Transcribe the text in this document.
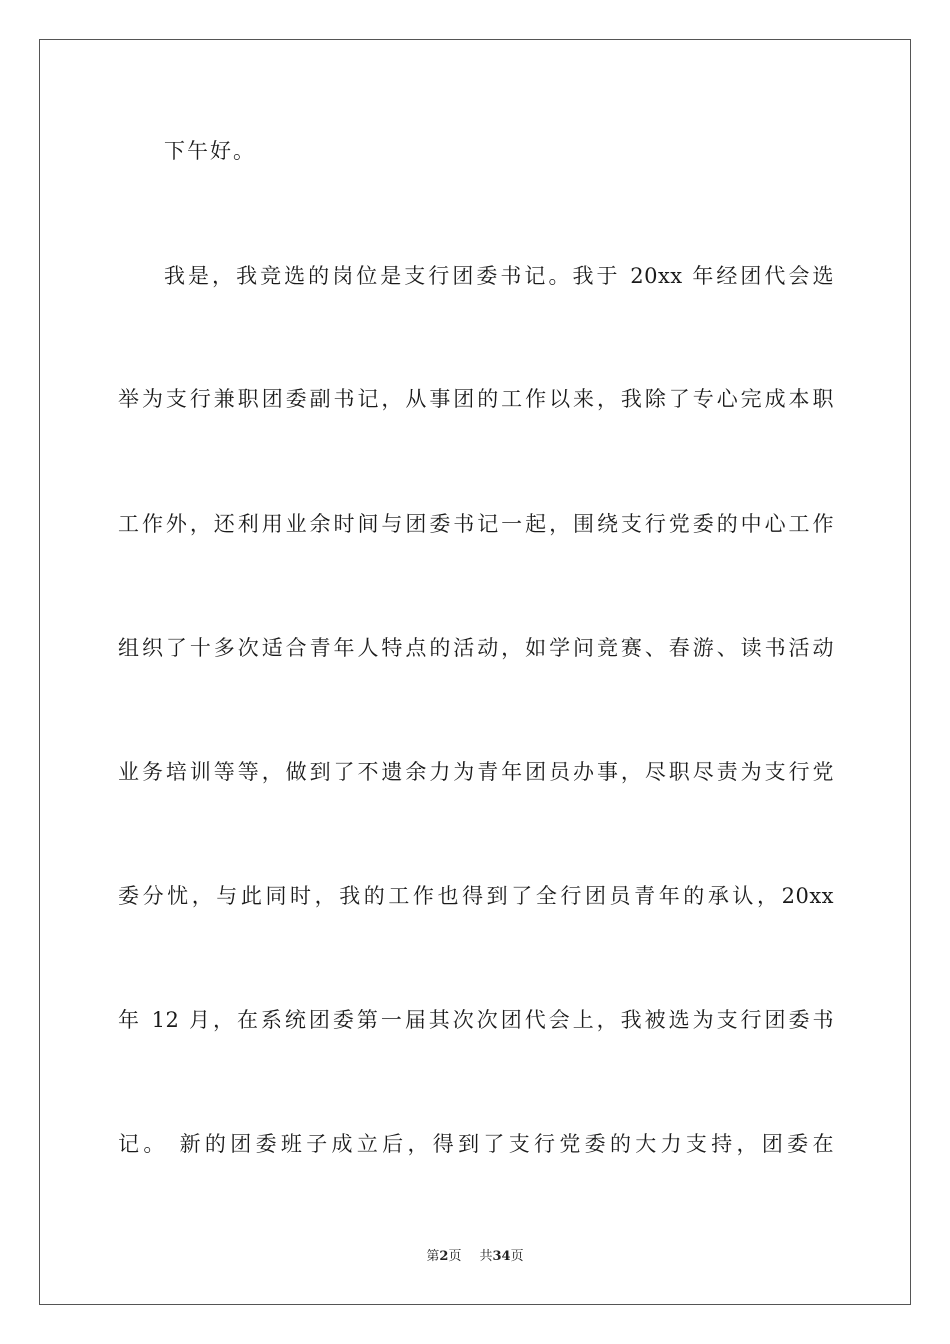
下午好。
我是，我竞选的岗位是支行团委书记。我于 20xx 年经团代会选
举为支行兼职团委副书记，从事团的工作以来，我除了专心完成本职
工作外，还利用业余时间与团委书记一起，围绕支行党委的中心工作
组织了十多次适合青年人特点的活动，如学问竞赛、春游、读书活动
业务培训等等，做到了不遗余力为青年团员办事，尽职尽责为支行党
委分忧，与此同时，我的工作也得到了全行团员青年的承认，20xx
年 12 月，在系统团委第一届其次次团代会上，我被选为支行团委书
记。 新的团委班子成立后，得到了支行党委的大力支持，团委在
第2页 共34页
